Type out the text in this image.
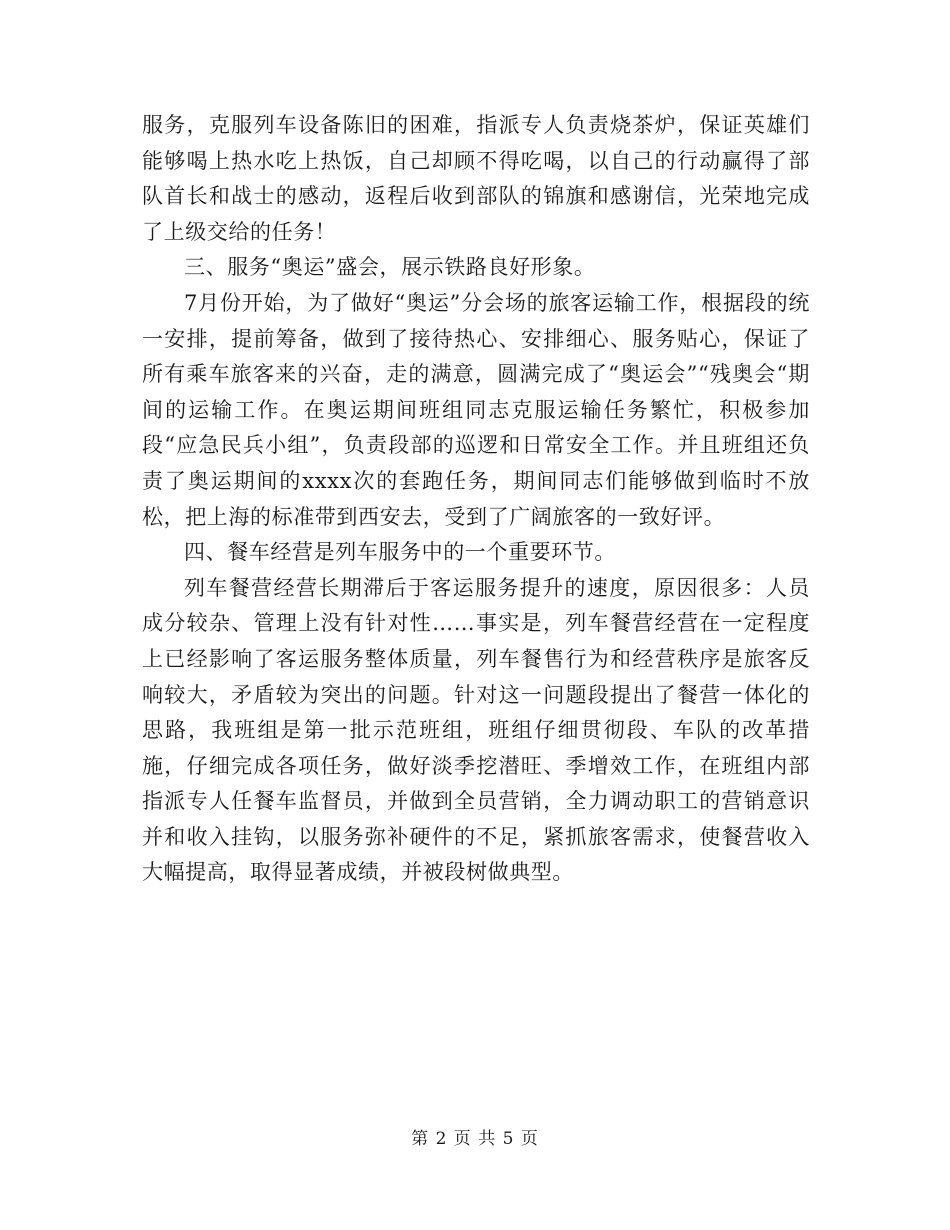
服务，克服列车设备陈旧的困难，指派专人负责烧茶炉，保证英雄们能够喝上热水吃上热饭，自己却顾不得吃喝，以自己的行动赢得了部队首长和战士的感动，返程后收到部队的锦旗和感谢信，光荣地完成了上级交给的任务！

三、服务“奥运”盛会，展示铁路良好形象。

7月份开始，为了做好“奥运”分会场的旅客运输工作，根据段的统一安排，提前筹备，做到了接待热心、安排细心、服务贴心，保证了所有乘车旅客来的兴奋，走的满意，圆满完成了“奥运会”“残奥会“期间的运输工作。在奥运期间班组同志克服运输任务繁忙，积极参加段“应急民兵小组”，负责段部的巡逻和日常安全工作。并且班组还负责了奥运期间的xxxx次的套跑任务，期间同志们能够做到临时不放松，把上海的标准带到西安去，受到了广阔旅客的一致好评。

四、餐车经营是列车服务中的一个重要环节。

列车餐营经营长期滞后于客运服务提升的速度，原因很多：人员成分较杂、管理上没有针对性……事实是，列车餐营经营在一定程度上已经影响了客运服务整体质量，列车餐售行为和经营秩序是旅客反响较大，矛盾较为突出的问题。针对这一问题段提出了餐营一体化的思路，我班组是第一批示范班组，班组仔细贯彻段、车队的改革措施，仔细完成各项任务，做好淡季挖潜旺、季增效工作，在班组内部指派专人任餐车监督员，并做到全员营销，全力调动职工的营销意识并和收入挂钩，以服务弥补硬件的不足，紧抓旅客需求，使餐营收入大幅提高，取得显著成绩，并被段树做典型。

第 2 页 共 5 页
